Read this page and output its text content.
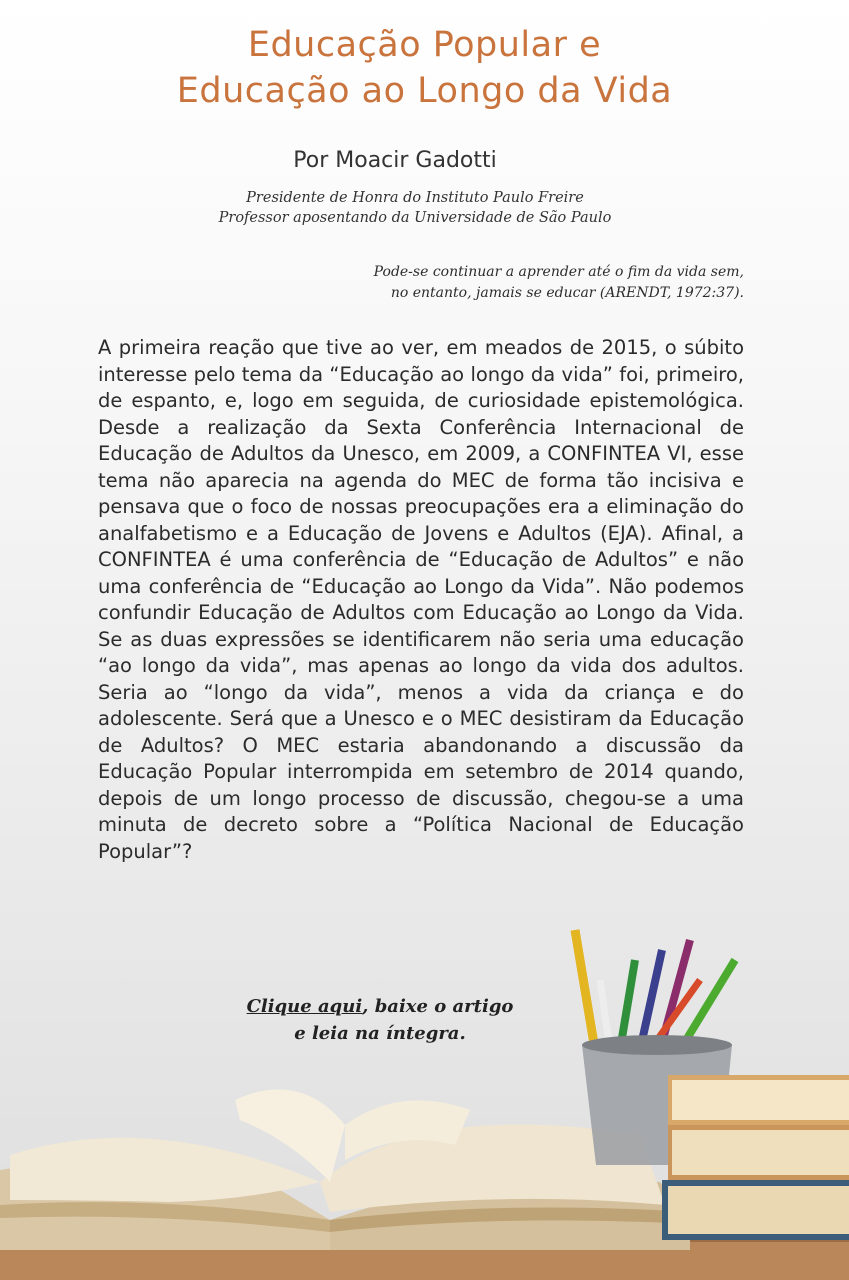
Educação Popular e
Educação ao Longo da Vida
Por Moacir Gadotti
Presidente de Honra do Instituto Paulo Freire
Professor aposentando da Universidade de São Paulo
Pode-se continuar a aprender até o fim da vida sem,
no entanto, jamais se educar (ARENDT, 1972:37).
A primeira reação que tive ao ver, em meados de 2015, o súbito interesse pelo tema da “Educação ao longo da vida” foi, primeiro, de espanto, e, logo em seguida, de curiosidade epistemológica. Desde a realização da Sexta Conferência Internacional de Educação de Adultos da Unesco, em 2009, a CONFINTEA VI, esse tema não aparecia na agenda do MEC de forma tão incisiva e pensava que o foco de nossas preocupações era a eliminação do analfabetismo e a Educação de Jovens e Adultos (EJA). Afinal, a CONFINTEA é uma conferência de “Educação de Adultos” e não uma conferência de “Educação ao Longo da Vida”. Não podemos confundir Educação de Adultos com Educação ao Longo da Vida. Se as duas expressões se identificarem não seria uma educação “ao longo da vida”, mas apenas ao longo da vida dos adultos. Seria ao “longo da vida”, menos a vida da criança e do adolescente. Será que a Unesco e o MEC desistiram da Educação de Adultos? O MEC estaria abandonando a discussão da Educação Popular interrompida em setembro de 2014 quando, depois de um longo processo de discussão, chegou-se a uma minuta de decreto sobre a “Política Nacional de Educação Popular”?
Clique aqui, baixe o artigo
e leia na íntegra.
